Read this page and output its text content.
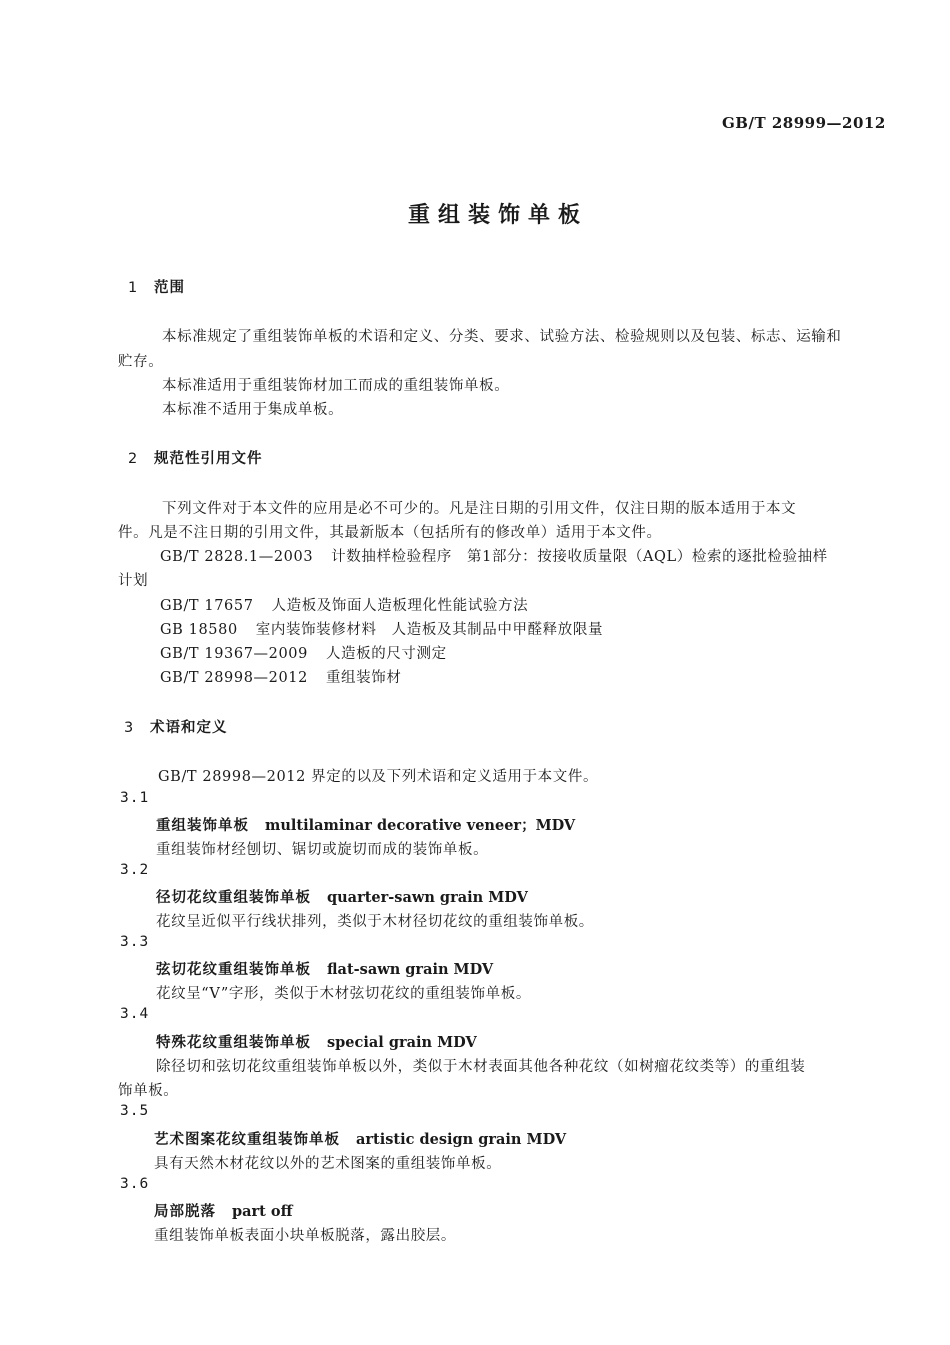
GB/T 28999—2012
重组装饰单板
1 范围
本标准规定了重组装饰单板的术语和定义、分类、要求、试验方法、检验规则以及包装、标志、运输和
贮存。
本标准适用于重组装饰材加工而成的重组装饰单板。
本标准不适用于集成单板。
2 规范性引用文件
下列文件对于本文件的应用是必不可少的。凡是注日期的引用文件，仅注日期的版本适用于本文
件。凡是不注日期的引用文件，其最新版本（包括所有的修改单）适用于本文件。
GB/T 2828.1—2003 计数抽样检验程序　第1部分：按接收质量限（AQL）检索的逐批检验抽样
计划
GB/T 17657 人造板及饰面人造板理化性能试验方法
GB 18580 室内装饰装修材料　人造板及其制品中甲醛释放限量
GB/T 19367—2009 人造板的尺寸测定
GB/T 28998—2012 重组装饰材
3 术语和定义
GB/T 28998—2012 界定的以及下列术语和定义适用于本文件。
3.1
重组装饰单板 multilaminar decorative veneer；MDV
重组装饰材经刨切、锯切或旋切而成的装饰单板。
3.2
径切花纹重组装饰单板 quarter-sawn grain MDV
花纹呈近似平行线状排列，类似于木材径切花纹的重组装饰单板。
3.3
弦切花纹重组装饰单板 flat-sawn grain MDV
花纹呈“V”字形，类似于木材弦切花纹的重组装饰单板。
3.4
特殊花纹重组装饰单板 special grain MDV
除径切和弦切花纹重组装饰单板以外，类似于木材表面其他各种花纹（如树瘤花纹类等）的重组装
饰单板。
3.5
艺术图案花纹重组装饰单板 artistic design grain MDV
具有天然木材花纹以外的艺术图案的重组装饰单板。
3.6
局部脱落 part off
重组装饰单板表面小块单板脱落，露出胶层。
